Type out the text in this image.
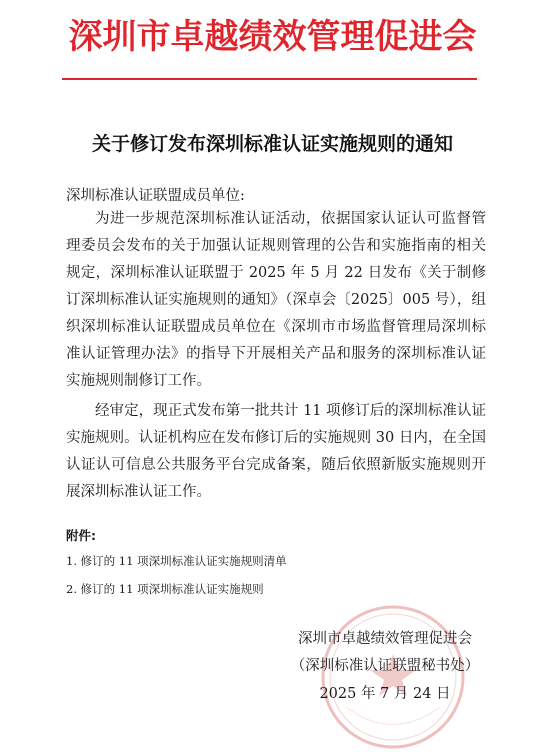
深圳市卓越绩效管理促进会
关于修订发布深圳标准认证实施规则的通知
深圳标准认证联盟成员单位:

为进一步规范深圳标准认证活动，依据国家认证认可监督管理委员会发布的关于加强认证规则管理的公告和实施指南的相关规定，深圳标准认证联盟于 2025 年 5 月 22 日发布《关于制修订深圳标准认证实施规则的通知》（深卓会〔2025〕005 号），组织深圳标准认证联盟成员单位在《深圳市市场监督管理局深圳标准认证管理办法》的指导下开展相关产品和服务的深圳标准认证实施规则制修订工作。

经审定，现正式发布第一批共计 11 项修订后的深圳标准认证实施规则。认证机构应在发布修订后的实施规则 30 日内，在全国认证认可信息公共服务平台完成备案，随后依照新版实施规则开展深圳标准认证工作。

附件:
1. 修订的 11 项深圳标准认证实施规则清单
2. 修订的 11 项深圳标准认证实施规则
深圳市卓越绩效管理促进会
（深圳标准认证联盟秘书处）
2025 年 7 月 24 日
